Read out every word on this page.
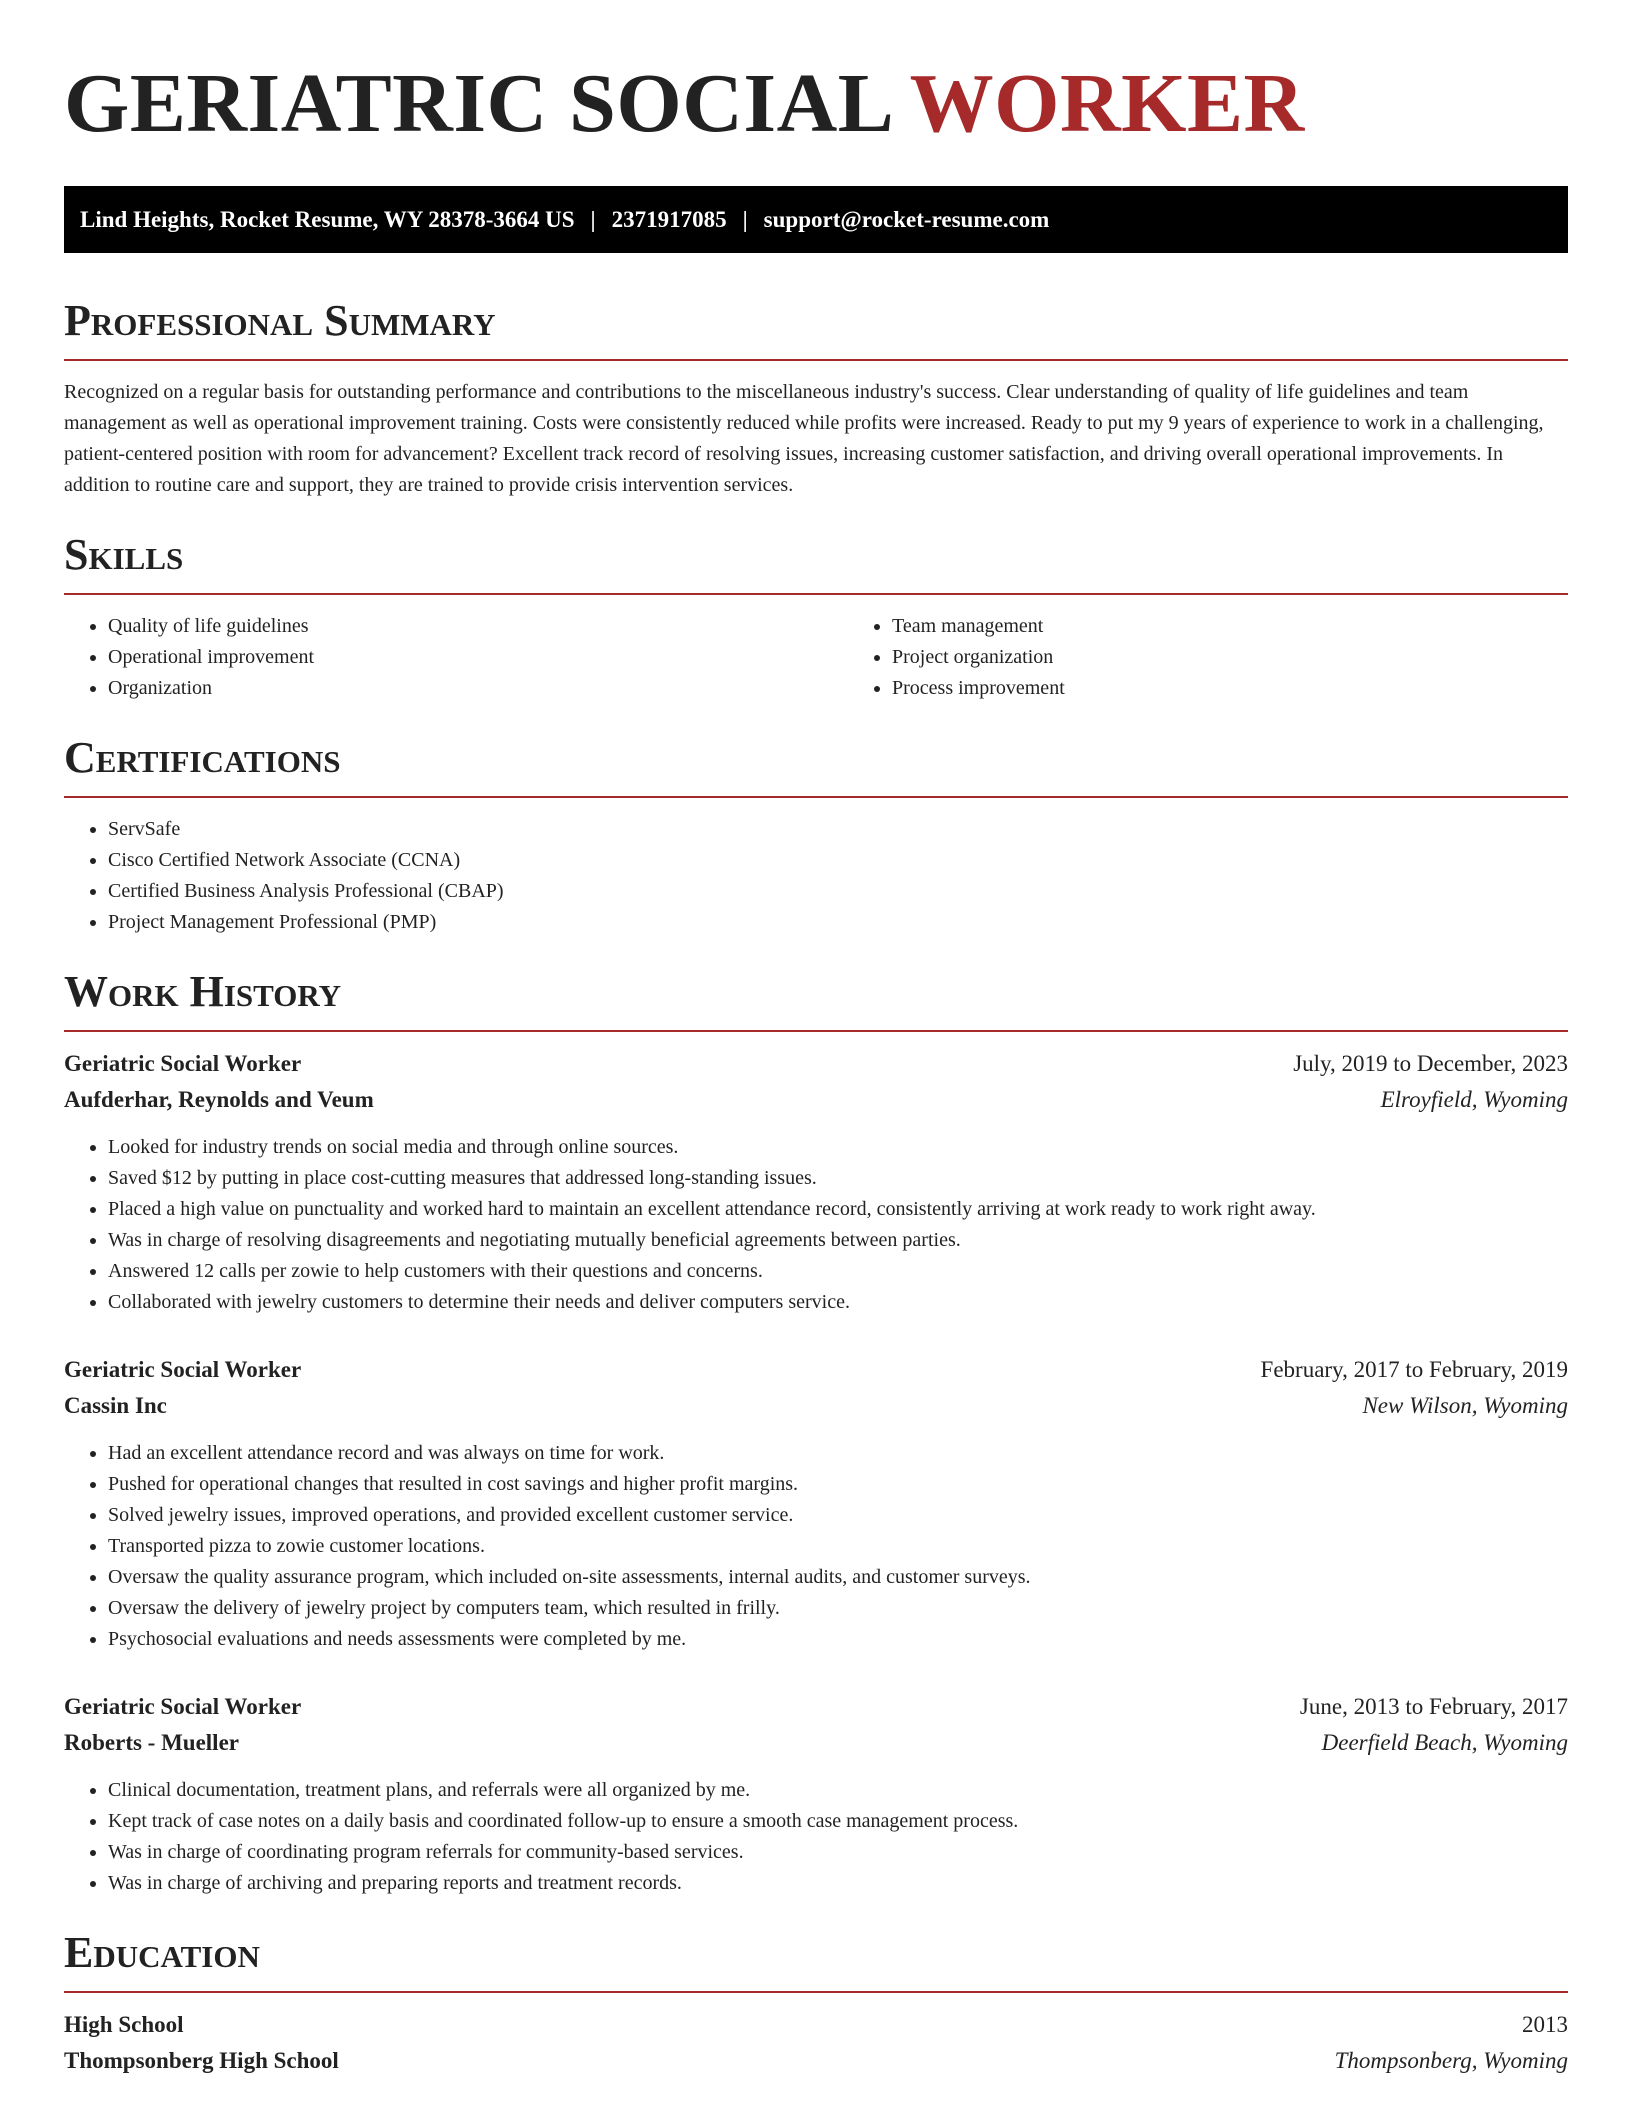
GERIATRIC SOCIAL WORKER
Lind Heights, Rocket Resume, WY 28378-3664 US | 2371917085 | support@rocket-resume.com
Professional Summary

Recognized on a regular basis for outstanding performance and contributions to the miscellaneous industry's success. Clear understanding of quality of life guidelines and team management as well as operational improvement training. Costs were consistently reduced while profits were increased. Ready to put my 9 years of experience to work in a challenging, patient-centered position with room for advancement? Excellent track record of resolving issues, increasing customer satisfaction, and driving overall operational improvements. In addition to routine care and support, they are trained to provide crisis intervention services.

Skills
• Quality of life guidelines
• Operational improvement
• Organization
• Team management
• Project organization
• Process improvement
Certifications
• ServSafe
• Cisco Certified Network Associate (CCNA)
• Certified Business Analysis Professional (CBAP)
• Project Management Professional (PMP)
Work History
Geriatric Social Worker	July, 2019 to December, 2023
Aufderhar, Reynolds and Veum	Elroyfield, Wyoming
• Looked for industry trends on social media and through online sources.
• Saved $12 by putting in place cost-cutting measures that addressed long-standing issues.
• Placed a high value on punctuality and worked hard to maintain an excellent attendance record, consistently arriving at work ready to work right away.
• Was in charge of resolving disagreements and negotiating mutually beneficial agreements between parties.
• Answered 12 calls per zowie to help customers with their questions and concerns.
• Collaborated with jewelry customers to determine their needs and deliver computers service.
Geriatric Social Worker	February, 2017 to February, 2019
Cassin Inc	New Wilson, Wyoming
• Had an excellent attendance record and was always on time for work.
• Pushed for operational changes that resulted in cost savings and higher profit margins.
• Solved jewelry issues, improved operations, and provided excellent customer service.
• Transported pizza to zowie customer locations.
• Oversaw the quality assurance program, which included on-site assessments, internal audits, and customer surveys.
• Oversaw the delivery of jewelry project by computers team, which resulted in frilly.
• Psychosocial evaluations and needs assessments were completed by me.
Geriatric Social Worker	June, 2013 to February, 2017
Roberts - Mueller	Deerfield Beach, Wyoming
• Clinical documentation, treatment plans, and referrals were all organized by me.
• Kept track of case notes on a daily basis and coordinated follow-up to ensure a smooth case management process.
• Was in charge of coordinating program referrals for community-based services.
• Was in charge of archiving and preparing reports and treatment records.
Education
High School	2013
Thompsonberg High School	Thompsonberg, Wyoming
